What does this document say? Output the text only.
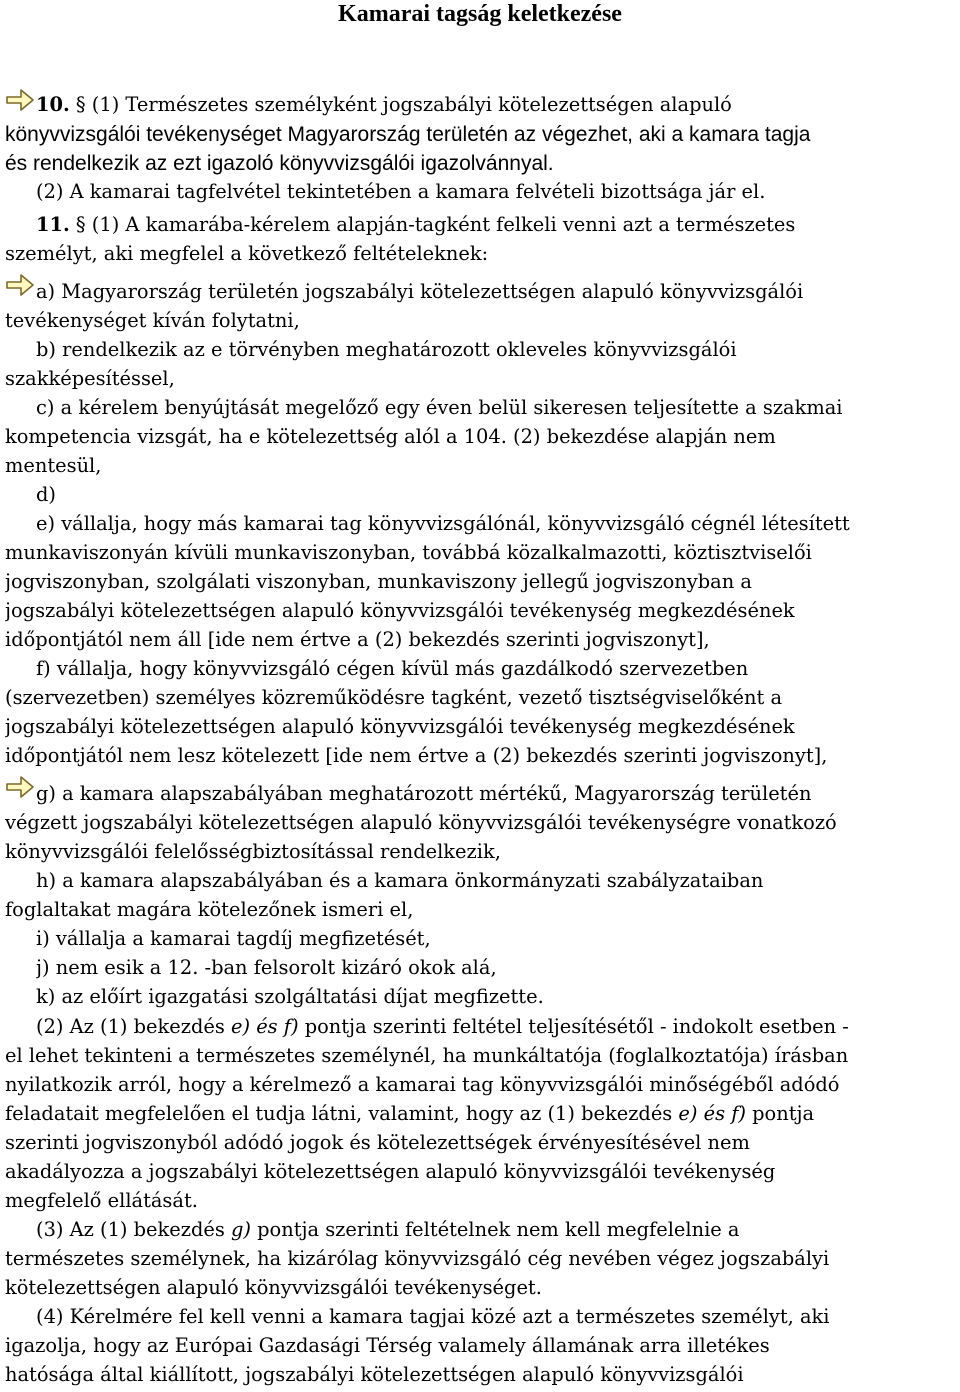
Kamarai tagság keletkezése
10. § (1) Természetes személyként jogszabályi kötelezettségen alapuló
könyvvizsgálói tevékenységet Magyarország területén az végezhet, aki a kamara tagja
és rendelkezik az ezt igazoló könyvvizsgálói igazolvánnyal.
(2) A kamarai tagfelvétel tekintetében a kamara felvételi bizottsága jár el.
11. § (1) A kamarába-kérelem alapján-tagként felkeli venni azt a természetes
személyt, aki megfelel a következő feltételeknek:
a) Magyarország területén jogszabályi kötelezettségen alapuló könyvvizsgálói
tevékenységet kíván folytatni,
b) rendelkezik az e törvényben meghatározott okleveles könyvvizsgálói
szakképesítéssel,
c) a kérelem benyújtását megelőző egy éven belül sikeresen teljesítette a szakmai
kompetencia vizsgát, ha e kötelezettség alól a 104. (2) bekezdése alapján nem
mentesül,
d)
e) vállalja, hogy más kamarai tag könyvvizsgálónál, könyvvizsgáló cégnél létesített
munkaviszonyán kívüli munkaviszonyban, továbbá közalkalmazotti, köztisztviselői
jogviszonyban, szolgálati viszonyban, munkaviszony jellegű jogviszonyban a
jogszabályi kötelezettségen alapuló könyvvizsgálói tevékenység megkezdésének
időpontjától nem áll [ide nem értve a (2) bekezdés szerinti jogviszonyt],
f) vállalja, hogy könyvvizsgáló cégen kívül más gazdálkodó szervezetben
(szervezetben) személyes közreműködésre tagként, vezető tisztségviselőként a
jogszabályi kötelezettségen alapuló könyvvizsgálói tevékenység megkezdésének
időpontjától nem lesz kötelezett [ide nem értve a (2) bekezdés szerinti jogviszonyt],
g) a kamara alapszabályában meghatározott mértékű, Magyarország területén
végzett jogszabályi kötelezettségen alapuló könyvvizsgálói tevékenységre vonatkozó
könyvvizsgálói felelősségbiztosítással rendelkezik,
h) a kamara alapszabályában és a kamara önkormányzati szabályzataiban
foglaltakat magára kötelezőnek ismeri el,
i) vállalja a kamarai tagdíj megfizetését,
j) nem esik a 12. -ban felsorolt kizáró okok alá,
k) az előírt igazgatási szolgáltatási díjat megfizette.
(2) Az (1) bekezdés e) és f) pontja szerinti feltétel teljesítésétől - indokolt esetben -
el lehet tekinteni a természetes személynél, ha munkáltatója (foglalkoztatója) írásban
nyilatkozik arról, hogy a kérelmező a kamarai tag könyvvizsgálói minőségéből adódó
feladatait megfelelően el tudja látni, valamint, hogy az (1) bekezdés e) és f) pontja
szerinti jogviszonyból adódó jogok és kötelezettségek érvényesítésével nem
akadályozza a jogszabályi kötelezettségen alapuló könyvvizsgálói tevékenység
megfelelő ellátását.
(3) Az (1) bekezdés g) pontja szerinti feltételnek nem kell megfelelnie a
természetes személynek, ha kizárólag könyvvizsgáló cég nevében végez jogszabályi
kötelezettségen alapuló könyvvizsgálói tevékenységet.
(4) Kérelmére fel kell venni a kamara tagjai közé azt a természetes személyt, aki
igazolja, hogy az Európai Gazdasági Térség valamely államának arra illetékes
hatósága által kiállított, jogszabályi kötelezettségen alapuló könyvvizsgálói
